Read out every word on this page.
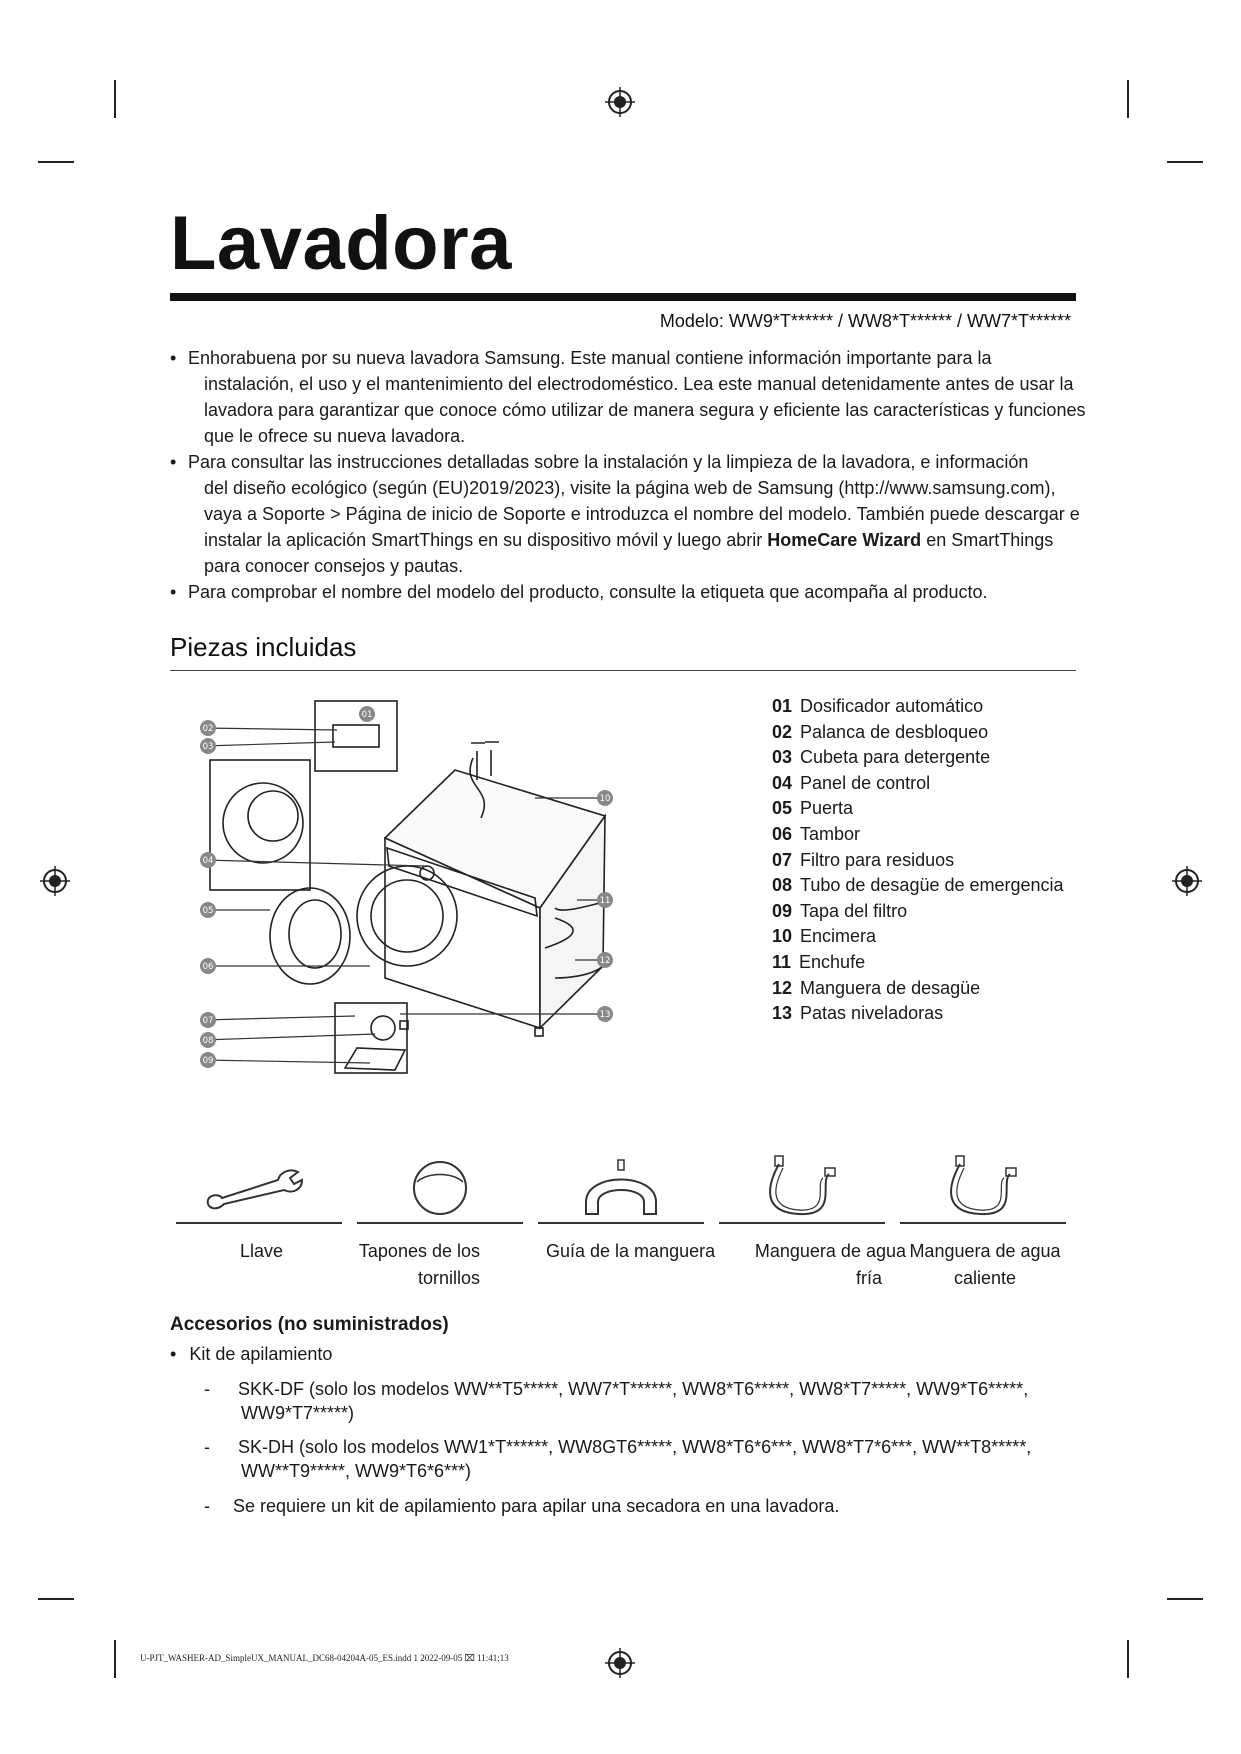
Lavadora
Modelo: WW9*T****** / WW8*T****** / WW7*T******
• Enhorabuena por su nueva lavadora Samsung. Este manual contiene información importante para la
instalación, el uso y el mantenimiento del electrodoméstico. Lea este manual detenidamente antes de usar la lavadora para garantizar que conoce cómo utilizar de manera segura y eficiente las características y funciones que le ofrece su nueva lavadora.
• Para consultar las instrucciones detalladas sobre la instalación y la limpieza de la lavadora, e información
del diseño ecológico (según (EU)2019/2023), visite la página web de Samsung (http://www.samsung.com), vaya a Soporte > Página de inicio de Soporte e introduzca el nombre del modelo. También puede descargar e instalar la aplicación SmartThings en su dispositivo móvil y luego abrir HomeCare Wizard en SmartThings para conocer consejos y pautas.
• Para comprobar el nombre del modelo del producto, consulte la etiqueta que acompaña al producto.
Piezas incluidas
01
02
03
04
05
06
07
08
09
10
11
12
13
01 Dosificador automático
02 Palanca de desbloqueo
03 Cubeta para detergente
04 Panel de control
05 Puerta
06 Tambor
07 Filtro para residuos
08 Tubo de desagüe de emergencia
09 Tapa del filtro
10 Encimera
11 Enchufe
12 Manguera de desagüe
13 Patas niveladoras
Llave	Tapones de los
tornillos
Guía de la manguera	Manguera de agua
fría
Manguera de agua
caliente
Accesorios (no suministrados)
• Kit de apilamiento
- SKK-DF (solo los modelos WW**T5*****, WW7*T******, WW8*T6*****, WW8*T7*****, WW9*T6*****,
WW9*T7*****)
- SK-DH (solo los modelos WW1*T******, WW8GT6*****, WW8*T6*6***, WW8*T7*6***, WW**T8*****,
WW**T9*****, WW9*T6*6***)
- Se requiere un kit de apilamiento para apilar una secadora en una lavadora.
U-PJT_WASHER-AD_SimpleUX_MANUAL_DC68-04204A-05_ES.indd 1 2022-09-05 ⌧ 11:41:13
